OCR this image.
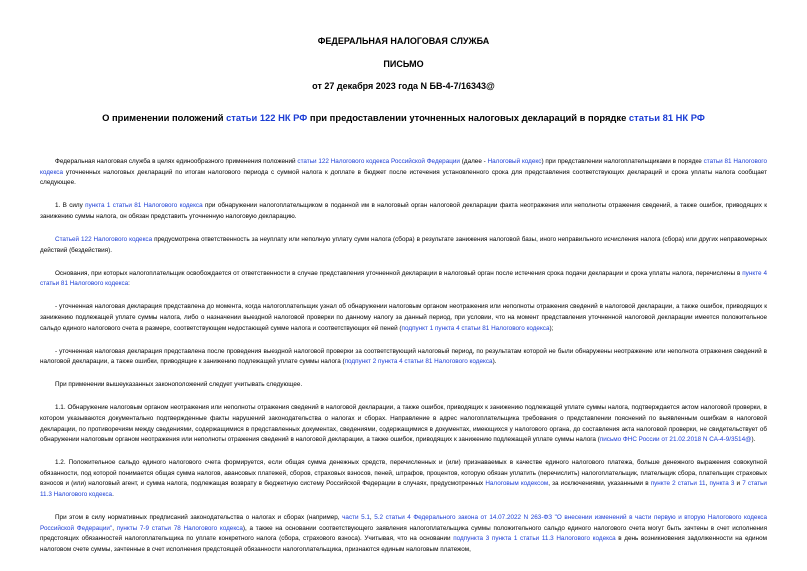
ФЕДЕРАЛЬНАЯ НАЛОГОВАЯ СЛУЖБА
ПИСЬМО
от 27 декабря 2023 года N БВ-4-7/16343@
О применении положений статьи 122 НК РФ при предоставлении уточненных налоговых деклараций в порядке статьи 81 НК РФ

Федеральная налоговая служба в целях единообразного применения положений статьи 122 Налогового кодекса Российской Федерации (далее - Налоговый кодекс) при представлении налогоплательщиками в порядке статьи 81 Налогового кодекса уточненных налоговых деклараций по итогам налогового периода с суммой налога к доплате в бюджет после истечения установленного срока для представления соответствующих деклараций и срока уплаты налога сообщает следующее.

1. В силу пункта 1 статьи 81 Налогового кодекса при обнаружении налогоплательщиком в поданной им в налоговый орган налоговой декларации факта неотражения или неполноты отражения сведений, а также ошибок, приводящих к занижению суммы налога, он обязан представить уточненную налоговую декларацию.

Статьей 122 Налогового кодекса предусмотрена ответственность за неуплату или неполную уплату сумм налога (сбора) в результате занижения налоговой базы, иного неправильного исчисления налога (сбора) или других неправомерных действий (бездействия).

Основания, при которых налогоплательщик освобождается от ответственности в случае представления уточненной декларации в налоговый орган после истечения срока подачи декларации и срока уплаты налога, перечислены в пункте 4 статьи 81 Налогового кодекса:

- уточненная налоговая декларация представлена до момента, когда налогоплательщик узнал об обнаружении налоговым органом неотражения или неполноты отражения сведений в налоговой декларации, а также ошибок, приводящих к занижению подлежащей уплате суммы налога, либо о назначении выездной налоговой проверки по данному налогу за данный период, при условии, что на момент представления уточненной налоговой декларации имеется положительное сальдо единого налогового счета в размере, соответствующем недостающей сумме налога и соответствующих ей пеней (подпункт 1 пункта 4 статьи 81 Налогового кодекса);

- уточненная налоговая декларация представлена после проведения выездной налоговой проверки за соответствующий налоговый период, по результатам которой не были обнаружены неотражение или неполнота отражения сведений в налоговой декларации, а также ошибки, приводящие к занижению подлежащей уплате суммы налога (подпункт 2 пункта 4 статьи 81 Налогового кодекса).

При применении вышеуказанных законоположений следует учитывать следующее.

1.1. Обнаружение налоговым органом неотражения или неполноты отражения сведений в налоговой декларации, а также ошибок, приводящих к занижению подлежащей уплате суммы налога, подтверждается актом налоговой проверки, в котором указываются документально подтвержденные факты нарушений законодательства о налогах и сборах. Направление в адрес налогоплательщика требования о представлении пояснений по выявленным ошибкам в налоговой декларации, по противоречиям между сведениями, содержащимися в представленных документах, сведениями, содержащимися в документах, имеющихся у налогового органа, до составления акта налоговой проверки, не свидетельствует об обнаружении налоговым органом неотражения или неполноты отражения сведений в налоговой декларации, а также ошибок, приводящих к занижению подлежащей уплате суммы налога (письмо ФНС России от 21.02.2018 N СА-4-9/3514@).

1.2. Положительное сальдо единого налогового счета формируется, если общая сумма денежных средств, перечисленных и (или) признаваемых в качестве единого налогового платежа, больше денежного выражения совокупной обязанности, под которой понимается общая сумма налогов, авансовых платежей, сборов, страховых взносов, пеней, штрафов, процентов, которую обязан уплатить (перечислить) налогоплательщик, плательщик сбора, плательщик страховых взносов и (или) налоговый агент, и сумма налога, подлежащая возврату в бюджетную систему Российской Федерации в случаях, предусмотренных Налоговым кодексом, за исключениями, указанными в пункте 2 статьи 11, пункта 3 и 7 статьи 11.3 Налогового кодекса.

При этом в силу нормативных предписаний законодательства о налогах и сборах (например, части 5.1, 5.2 статьи 4 Федерального закона от 14.07.2022 N 263-ФЗ "О внесении изменений в части первую и вторую Налогового кодекса Российской Федерации", пункты 7-9 статьи 78 Налогового кодекса), а также на основании соответствующего заявления налогоплательщика суммы положительного сальдо единого налогового счета могут быть зачтены в счет исполнения предстоящих обязанностей налогоплательщика по уплате конкретного налога (сбора, страхового взноса). Учитывая, что на основании подпункта 3 пункта 1 статьи 11.3 Налогового кодекса в день возникновения задолженности на едином налоговом счете суммы, зачтенные в счет исполнения предстоящей обязанности налогоплательщика, признаются единым налоговым платежом,
